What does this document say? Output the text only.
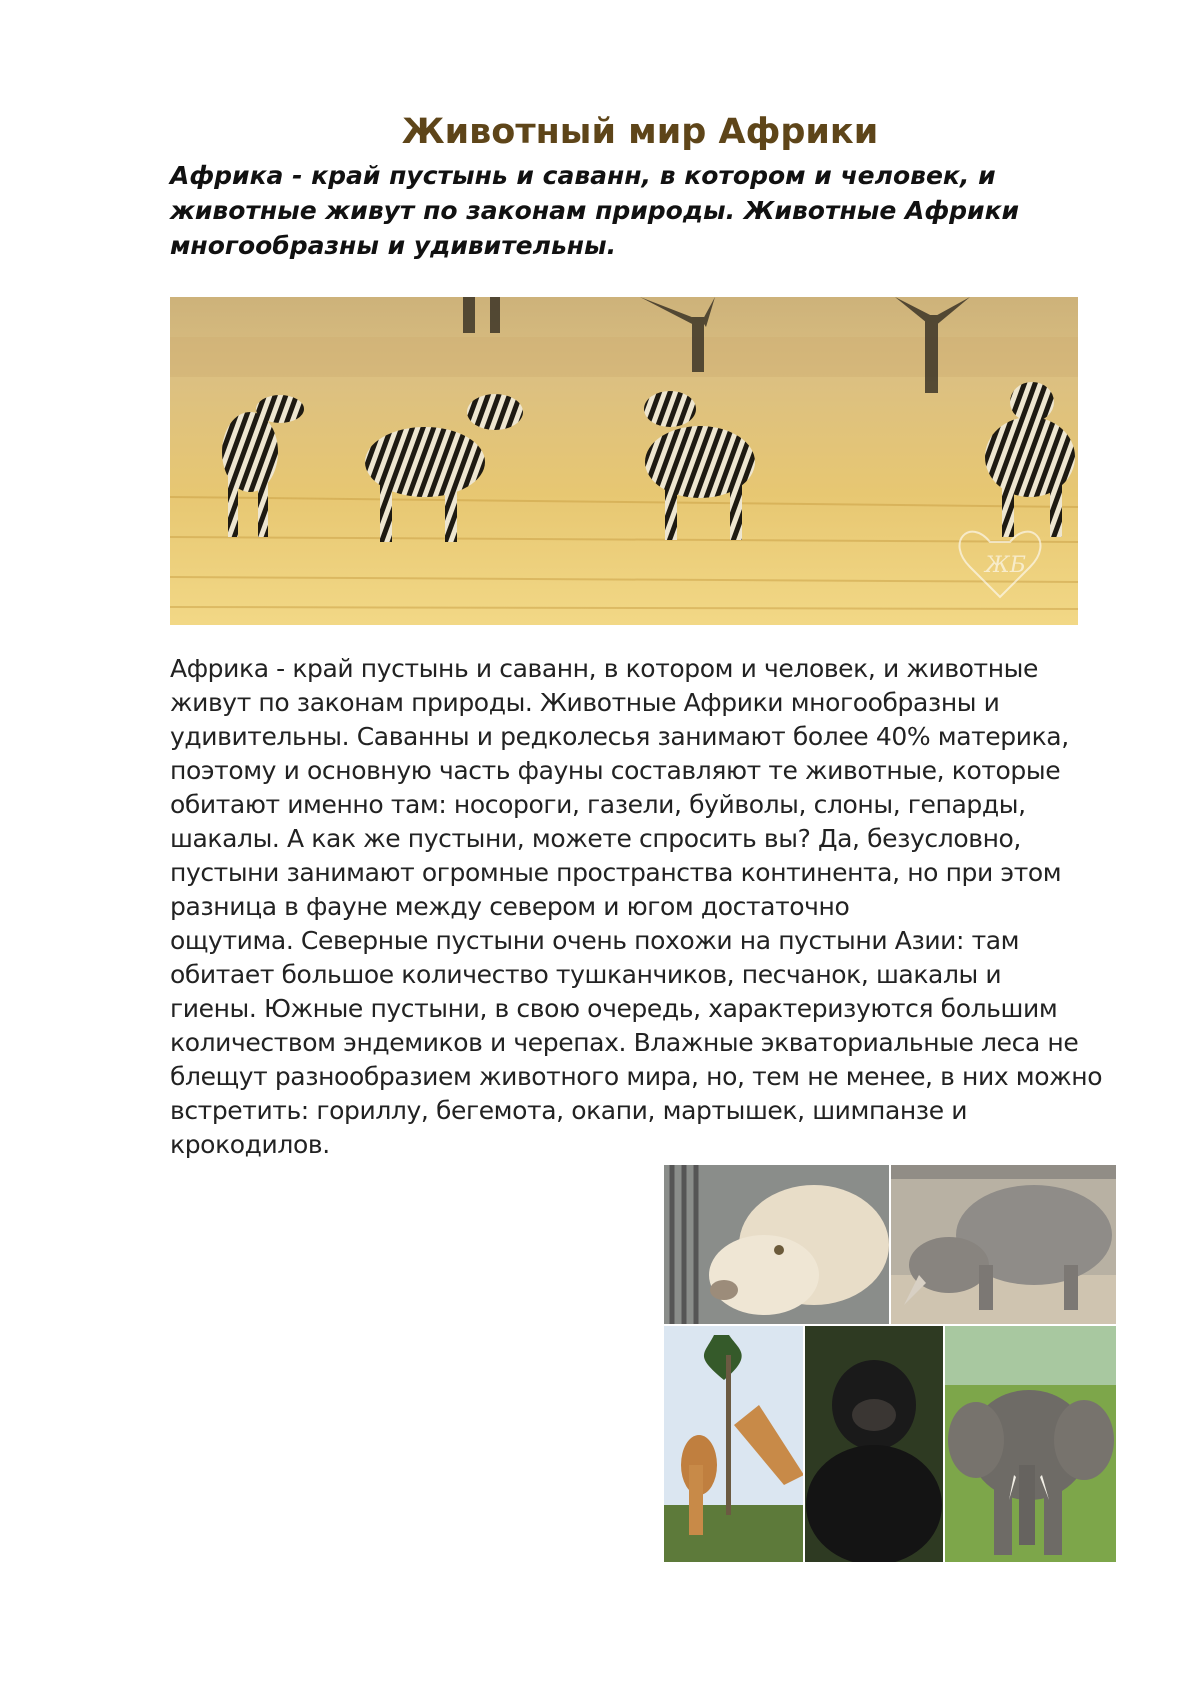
Животный мир Африки
Африка - край пустынь и саванн, в котором и человек, и
животные живут по законам природы. Животные Африки
многообразны и удивительны.
ЖБ
Африка - край пустынь и саванн, в котором и человек, и животные
живут по законам природы. Животные Африки многообразны и
удивительны. Саванны и редколесья занимают более 40% материка,
поэтому и основную часть фауны составляют те животные, которые
обитают именно там: носороги, газели, буйволы, слоны, гепарды,
шакалы. А как же пустыни, можете спросить вы? Да, безусловно,
пустыни занимают огромные пространства континента, но при этом
разница в фауне между севером и югом достаточно
ощутима. Северные пустыни очень похожи на пустыни Азии: там
обитает большое количество тушканчиков, песчанок, шакалы и
гиены. Южные пустыни, в свою очередь, характеризуются большим
количеством эндемиков и черепах. Влажные экваториальные леса не
блещут разнообразием животного мира, но, тем не менее, в них можно
встретить: гориллу, бегемота, окапи, мартышек, шимпанзе и
крокодилов.
